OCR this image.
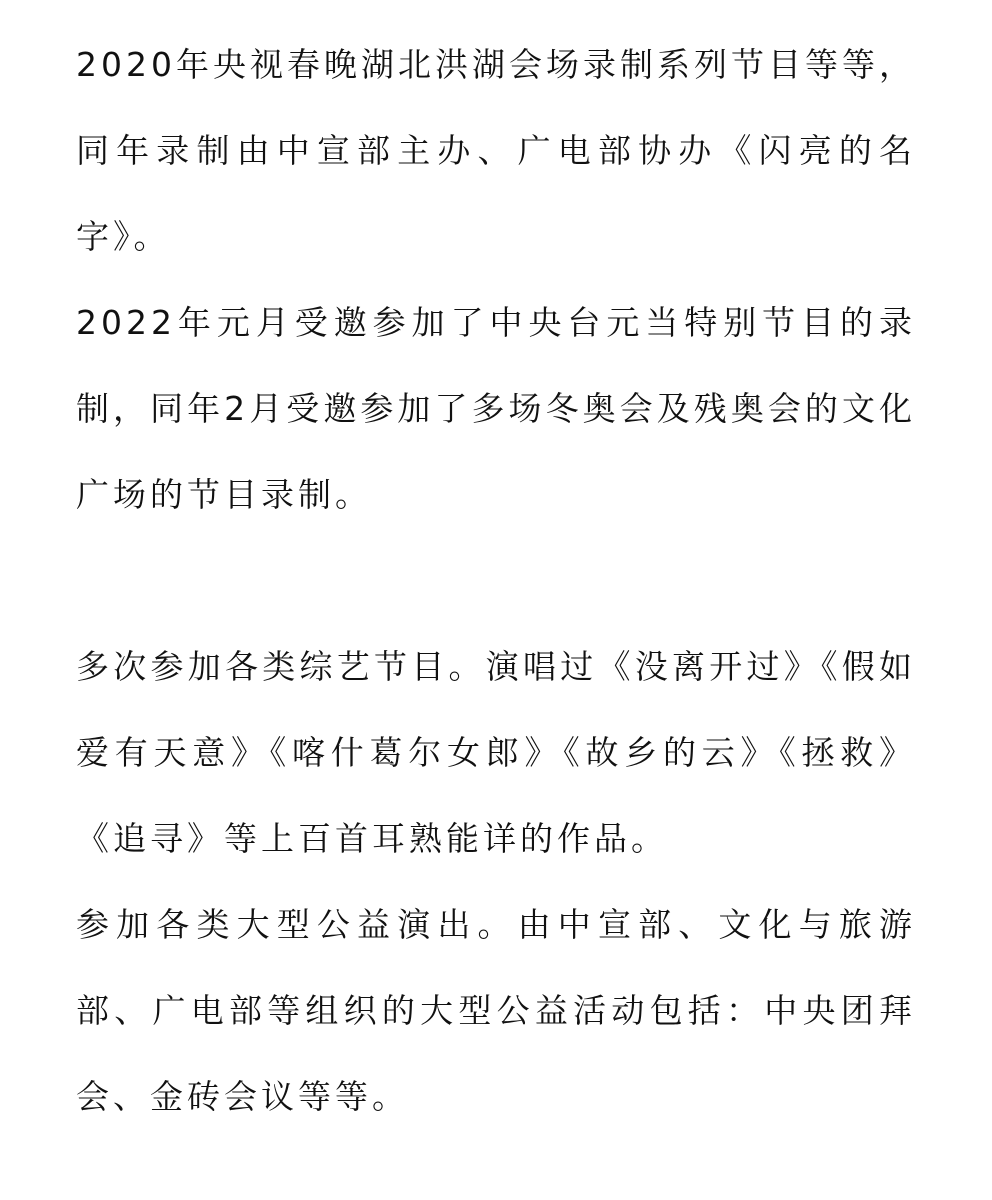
2020年央视春晚湖北洪湖会场录制系列节目等等，同年录制由中宣部主办、广电部协办《闪亮的名字》。

2022年元月受邀参加了中央台元当特别节目的录制，同年2月受邀参加了多场冬奥会及残奥会的文化广场的节目录制。

多次参加各类综艺节目。演唱过《没离开过》《假如爱有天意》《喀什葛尔女郎》《故乡的云》《拯救》《追寻》等上百首耳熟能详的作品。

参加各类大型公益演出。由中宣部、文化与旅游部、广电部等组织的大型公益活动包括：中央团拜会、金砖会议等等。
